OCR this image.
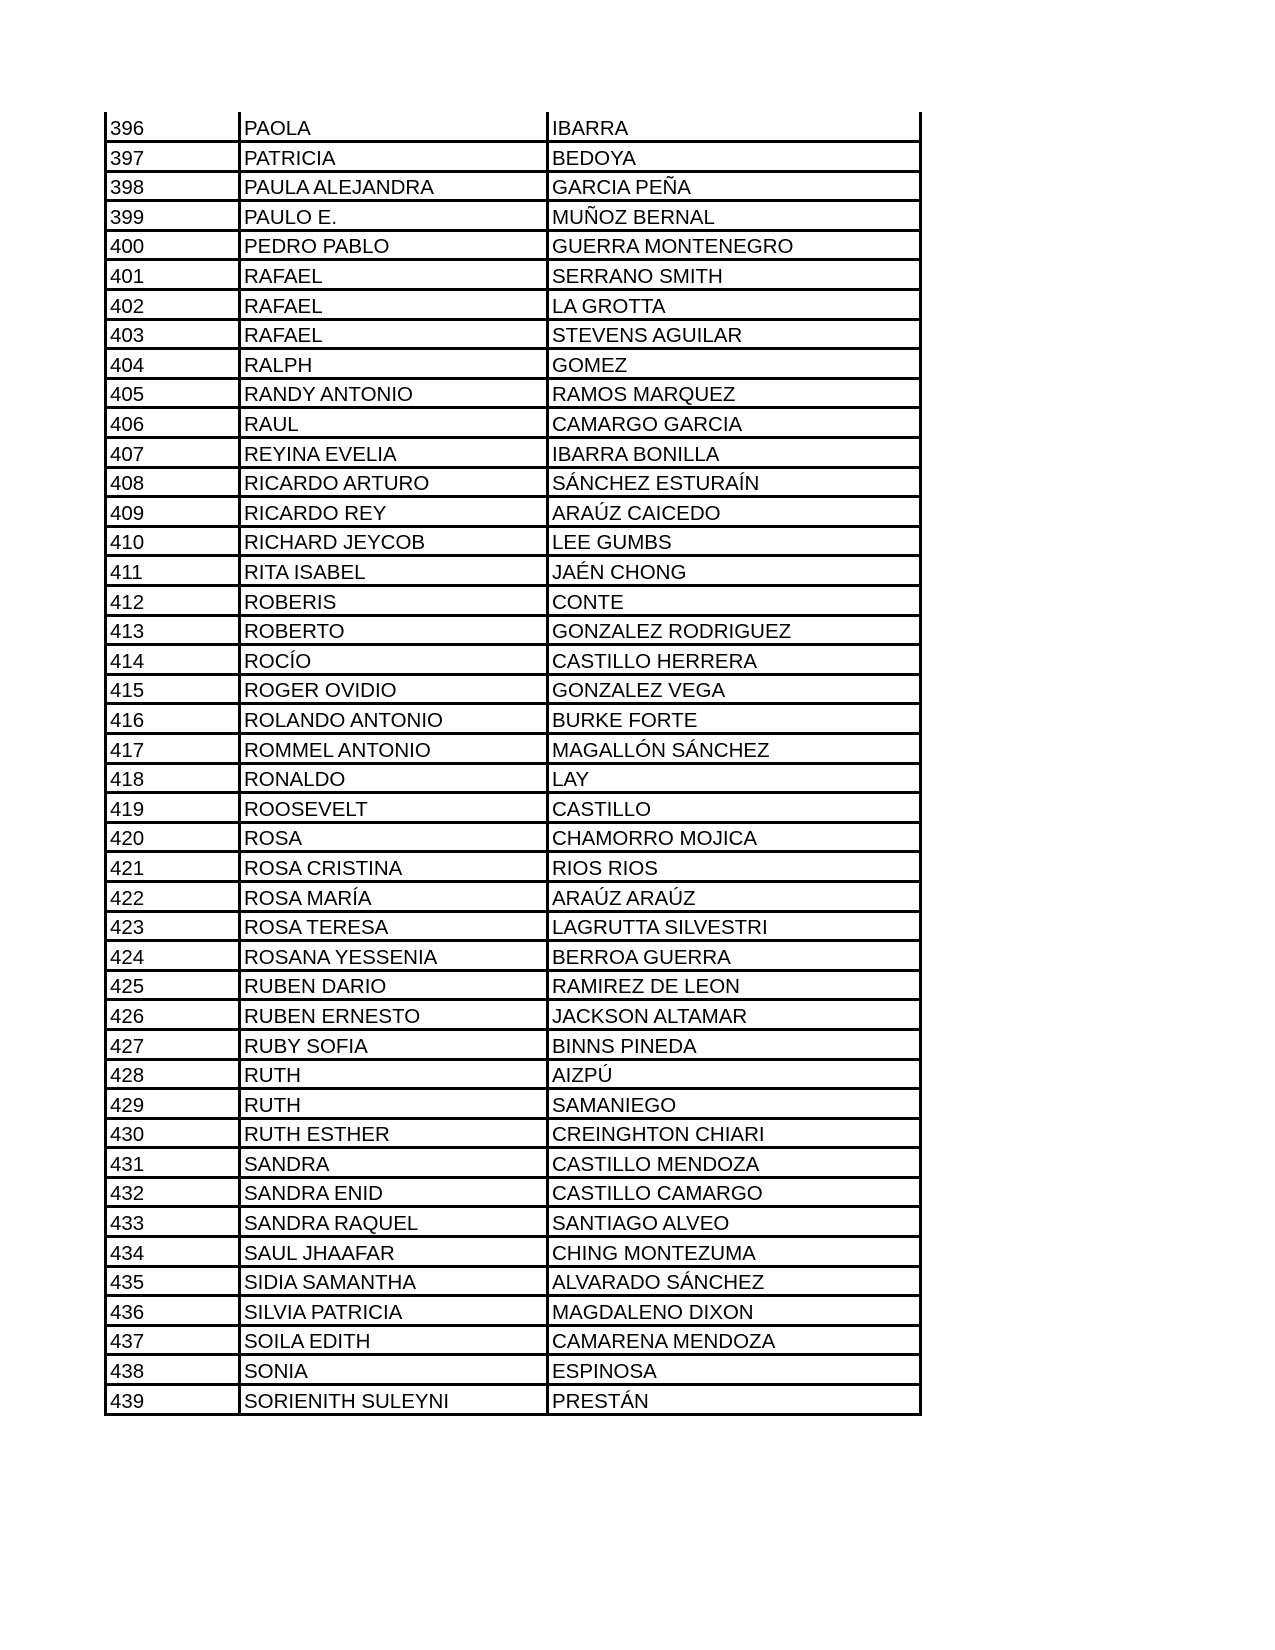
396	PAOLA	IBARRA
397	PATRICIA	BEDOYA
398	PAULA ALEJANDRA	GARCIA PEÑA
399	PAULO E.	MUÑOZ BERNAL
400	PEDRO PABLO	GUERRA MONTENEGRO
401	RAFAEL	SERRANO SMITH
402	RAFAEL	LA GROTTA
403	RAFAEL	STEVENS AGUILAR
404	RALPH	GOMEZ
405	RANDY ANTONIO	RAMOS MARQUEZ
406	RAUL	CAMARGO GARCIA
407	REYINA EVELIA	IBARRA BONILLA
408	RICARDO ARTURO	SÁNCHEZ ESTURAÍN
409	RICARDO REY	ARAÚZ CAICEDO
410	RICHARD JEYCOB	LEE GUMBS
411	RITA ISABEL	JAÉN CHONG
412	ROBERIS	CONTE
413	ROBERTO	GONZALEZ RODRIGUEZ
414	ROCÍO	CASTILLO HERRERA
415	ROGER OVIDIO	GONZALEZ VEGA
416	ROLANDO ANTONIO	BURKE FORTE
417	ROMMEL ANTONIO	MAGALLÓN SÁNCHEZ
418	RONALDO	LAY
419	ROOSEVELT	CASTILLO
420	ROSA	CHAMORRO MOJICA
421	ROSA CRISTINA	RIOS RIOS
422	ROSA MARÍA	ARAÚZ ARAÚZ
423	ROSA TERESA	LAGRUTTA SILVESTRI
424	ROSANA YESSENIA	BERROA GUERRA
425	RUBEN DARIO	RAMIREZ DE LEON
426	RUBEN ERNESTO	JACKSON ALTAMAR
427	RUBY SOFIA	BINNS PINEDA
428	RUTH	AIZPÚ
429	RUTH	SAMANIEGO
430	RUTH ESTHER	CREINGHTON CHIARI
431	SANDRA	CASTILLO MENDOZA
432	SANDRA ENID	CASTILLO CAMARGO
433	SANDRA RAQUEL	SANTIAGO ALVEO
434	SAUL JHAAFAR	CHING MONTEZUMA
435	SIDIA SAMANTHA	ALVARADO SÁNCHEZ
436	SILVIA PATRICIA	MAGDALENO DIXON
437	SOILA EDITH	CAMARENA MENDOZA
438	SONIA	ESPINOSA
439	SORIENITH SULEYNI	PRESTÁN
